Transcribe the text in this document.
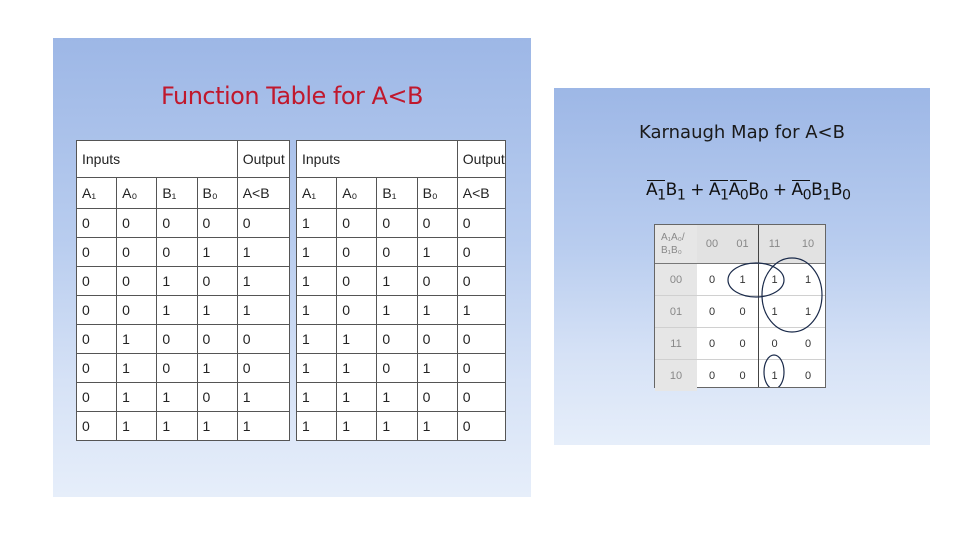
Function Table for A<B
Inputs				Output
A₁	A₀	B₁	B₀	A<B
0	0	0	0	0
0	0	0	1	1
0	0	1	0	1
0	0	1	1	1
0	1	0	0	0
0	1	0	1	0
0	1	1	0	1
0	1	1	1	1
Inputs				Output
A₁	A₀	B₁	B₀	A<B
1	0	0	0	0
1	0	0	1	0
1	0	1	0	0
1	0	1	1	1
1	1	0	0	0
1	1	0	1	0
1	1	1	0	0
1	1	1	1	0
Karnaugh Map for A<B
$A_1B_1 + A_1A_0B_0 + A_0B_1B_0$
A₁A₀/
B₁B₀	00	01	11	10
00	0	1	1	1
01	0	0	1	1
11	0	0	0	0
10	0	0	1	0
